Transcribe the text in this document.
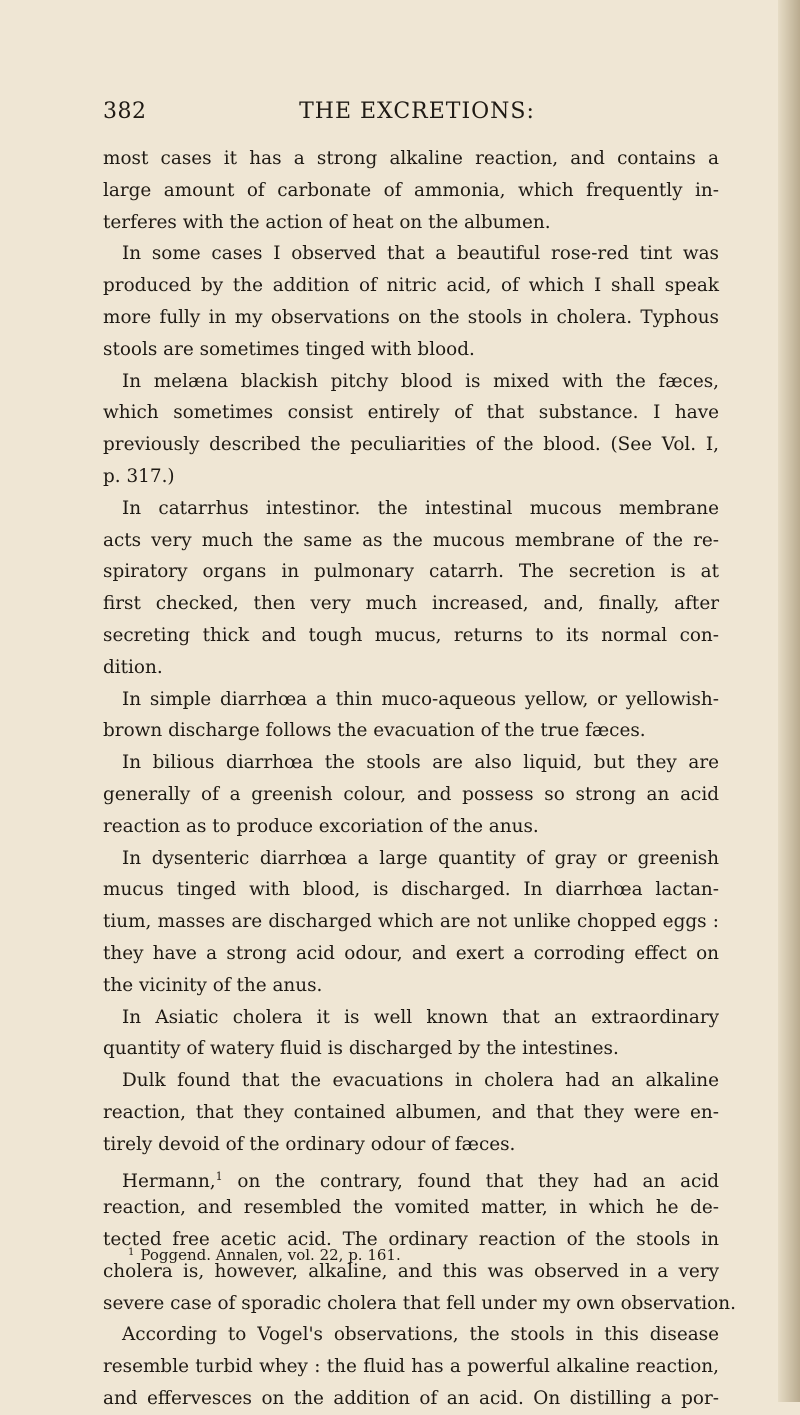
382	THE EXCRETIONS:
most cases it has a strong alkaline reaction, and contains a
large amount of carbonate of ammonia, which frequently in-
terferes with the action of heat on the albumen.
In some cases I observed that a beautiful rose-red tint was
produced by the addition of nitric acid, of which I shall speak
more fully in my observations on the stools in cholera. Typhous
stools are sometimes tinged with blood.
In melæna blackish pitchy blood is mixed with the fæces,
which sometimes consist entirely of that substance. I have
previously described the peculiarities of the blood. (See Vol. I,
p. 317.)
In catarrhus intestinor. the intestinal mucous membrane
acts very much the same as the mucous membrane of the re-
spiratory organs in pulmonary catarrh. The secretion is at
first checked, then very much increased, and, finally, after
secreting thick and tough mucus, returns to its normal con-
dition.
In simple diarrhœa a thin muco-aqueous yellow, or yellowish-
brown discharge follows the evacuation of the true fæces.
In bilious diarrhœa the stools are also liquid, but they are
generally of a greenish colour, and possess so strong an acid
reaction as to produce excoriation of the anus.
In dysenteric diarrhœa a large quantity of gray or greenish
mucus tinged with blood, is discharged. In diarrhœa lactan-
tium, masses are discharged which are not unlike chopped eggs :
they have a strong acid odour, and exert a corroding effect on
the vicinity of the anus.
In Asiatic cholera it is well known that an extraordinary
quantity of watery fluid is discharged by the intestines.
Dulk found that the evacuations in cholera had an alkaline
reaction, that they contained albumen, and that they were en-
tirely devoid of the ordinary odour of fæces.
Hermann,$^1$ on the contrary, found that they had an acid
reaction, and resembled the vomited matter, in which he de-
tected free acetic acid. The ordinary reaction of the stools in
cholera is, however, alkaline, and this was observed in a very
severe case of sporadic cholera that fell under my own observation.
According to Vogel's observations, the stools in this disease
resemble turbid whey : the fluid has a powerful alkaline reaction,
and effervesces on the addition of an acid. On distilling a por-
$^1$ Poggend. Annalen, vol. 22, p. 161.
